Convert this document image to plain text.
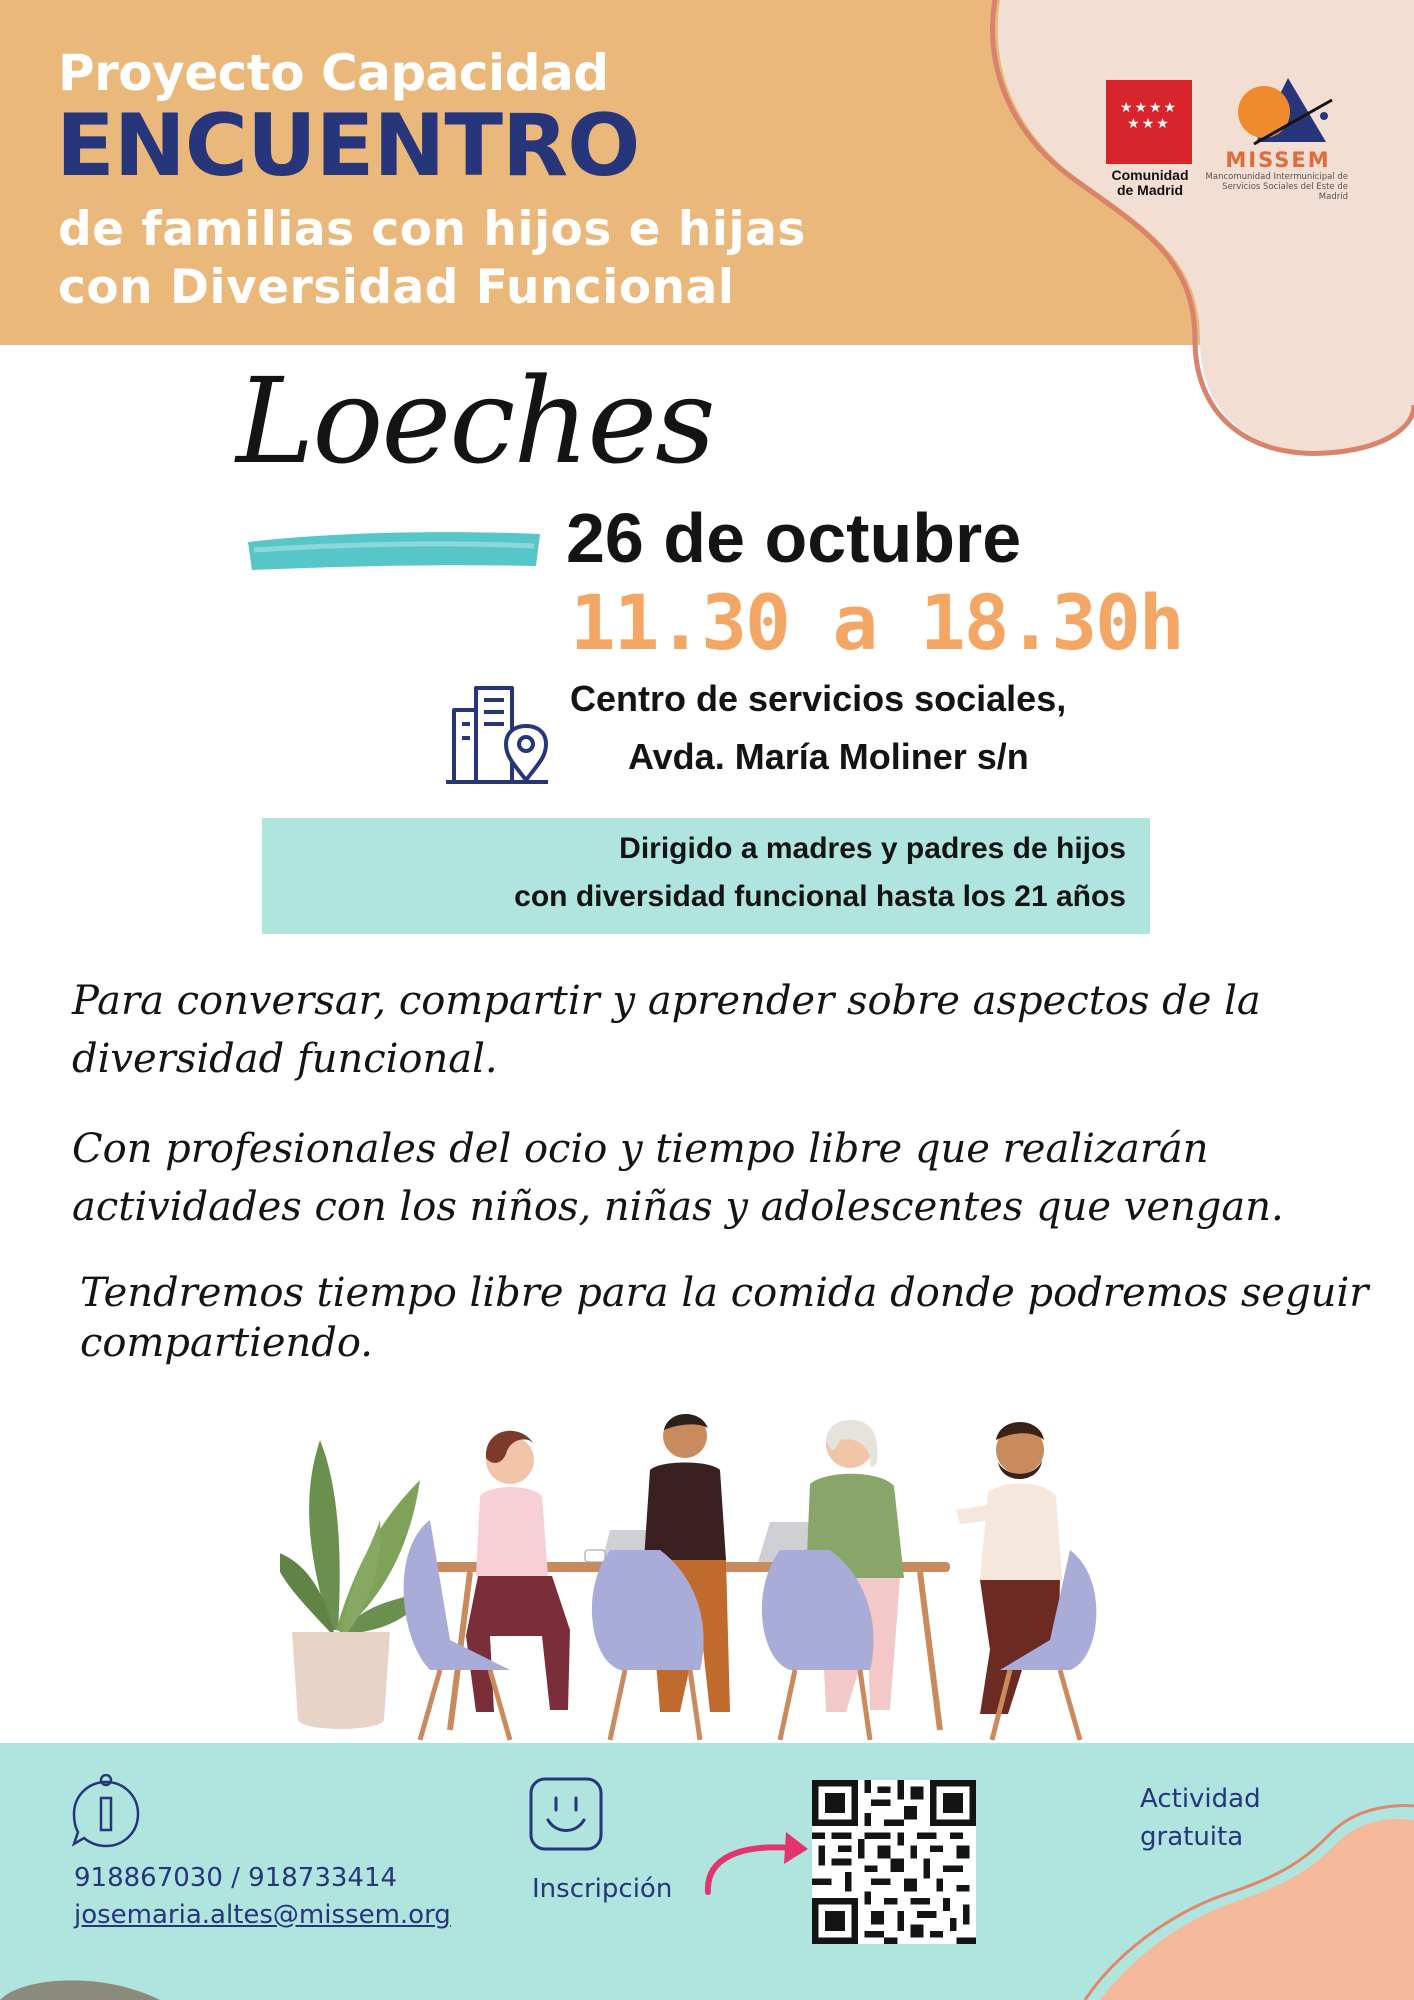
Proyecto Capacidad
ENCUENTRO
de familias con hijos e hijas
con Diversidad Funcional
★★★★
★★★
Comunidad de Madrid
MISSEM
Mancomunidad Intermunicipal de Servicios Sociales del Este de Madrid
Loeches
26 de octubre
11.30 a 18.30h
Centro de servicios sociales,
Avda. María Moliner s/n
Dirigido a madres y padres de hijos
con diversidad funcional hasta los 21 años
Para conversar, compartir y aprender sobre aspectos de la diversidad funcional.
Con profesionales del ocio y tiempo libre que realizarán actividades con los niños, niñas y adolescentes que vengan.
Tendremos tiempo libre para la comida donde podremos seguir compartiendo.
918867030 / 918733414
josemaria.altes@missem.org
Inscripción
Actividad
gratuita
